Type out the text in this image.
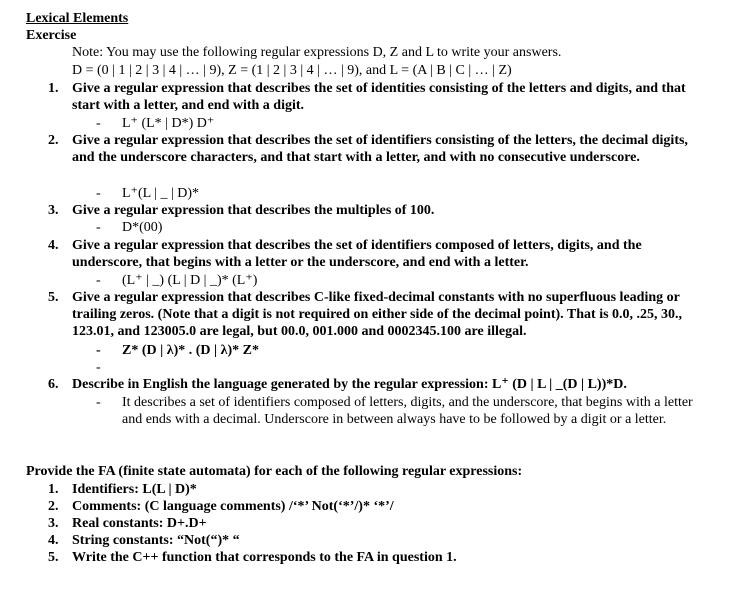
Lexical Elements
Exercise
Note: You may use the following regular expressions D, Z and L to write your answers.
D = (0 | 1 | 2 | 3 | 4 | … | 9), Z = (1 | 2 | 3 | 4 | … | 9), and L = (A | B | C | … | Z)
1. Give a regular expression that describes the set of identities consisting of the letters and digits, and that start with a letter, and end with a digit.
- L⁺ (L* | D*) D⁺
2. Give a regular expression that describes the set of identifiers consisting of the letters, the decimal digits, and the underscore characters, and that start with a letter, and with no consecutive underscore.
- L⁺(L | _ | D)*
3. Give a regular expression that describes the multiples of 100.
- D*(00)
4. Give a regular expression that describes the set of identifiers composed of letters, digits, and the underscore, that begins with a letter or the underscore, and end with a letter.
- (L⁺ | _) (L | D | _)* (L⁺)
5. Give a regular expression that describes C-like fixed-decimal constants with no superfluous leading or trailing zeros. (Note that a digit is not required on either side of the decimal point). That is 0.0, .25, 30., 123.01, and 123005.0 are legal, but 00.0, 001.000 and 0002345.100 are illegal.
- Z* (D | λ)* . (D | λ)* Z*
-
6. Describe in English the language generated by the regular expression: L⁺ (D | L | _(D | L))*D.
- It describes a set of identifiers composed of letters, digits, and the underscore, that begins with a letter and ends with a decimal. Underscore in between always have to be followed by a digit or a letter.
Provide the FA (finite state automata) for each of the following regular expressions:
1. Identifiers: L(L | D)*
2. Comments: (C language comments) /‘*’ Not(‘*’/)* ‘*’/
3. Real constants: D+.D+
4. String constants: “Not(“)* “
5. Write the C++ function that corresponds to the FA in question 1.
